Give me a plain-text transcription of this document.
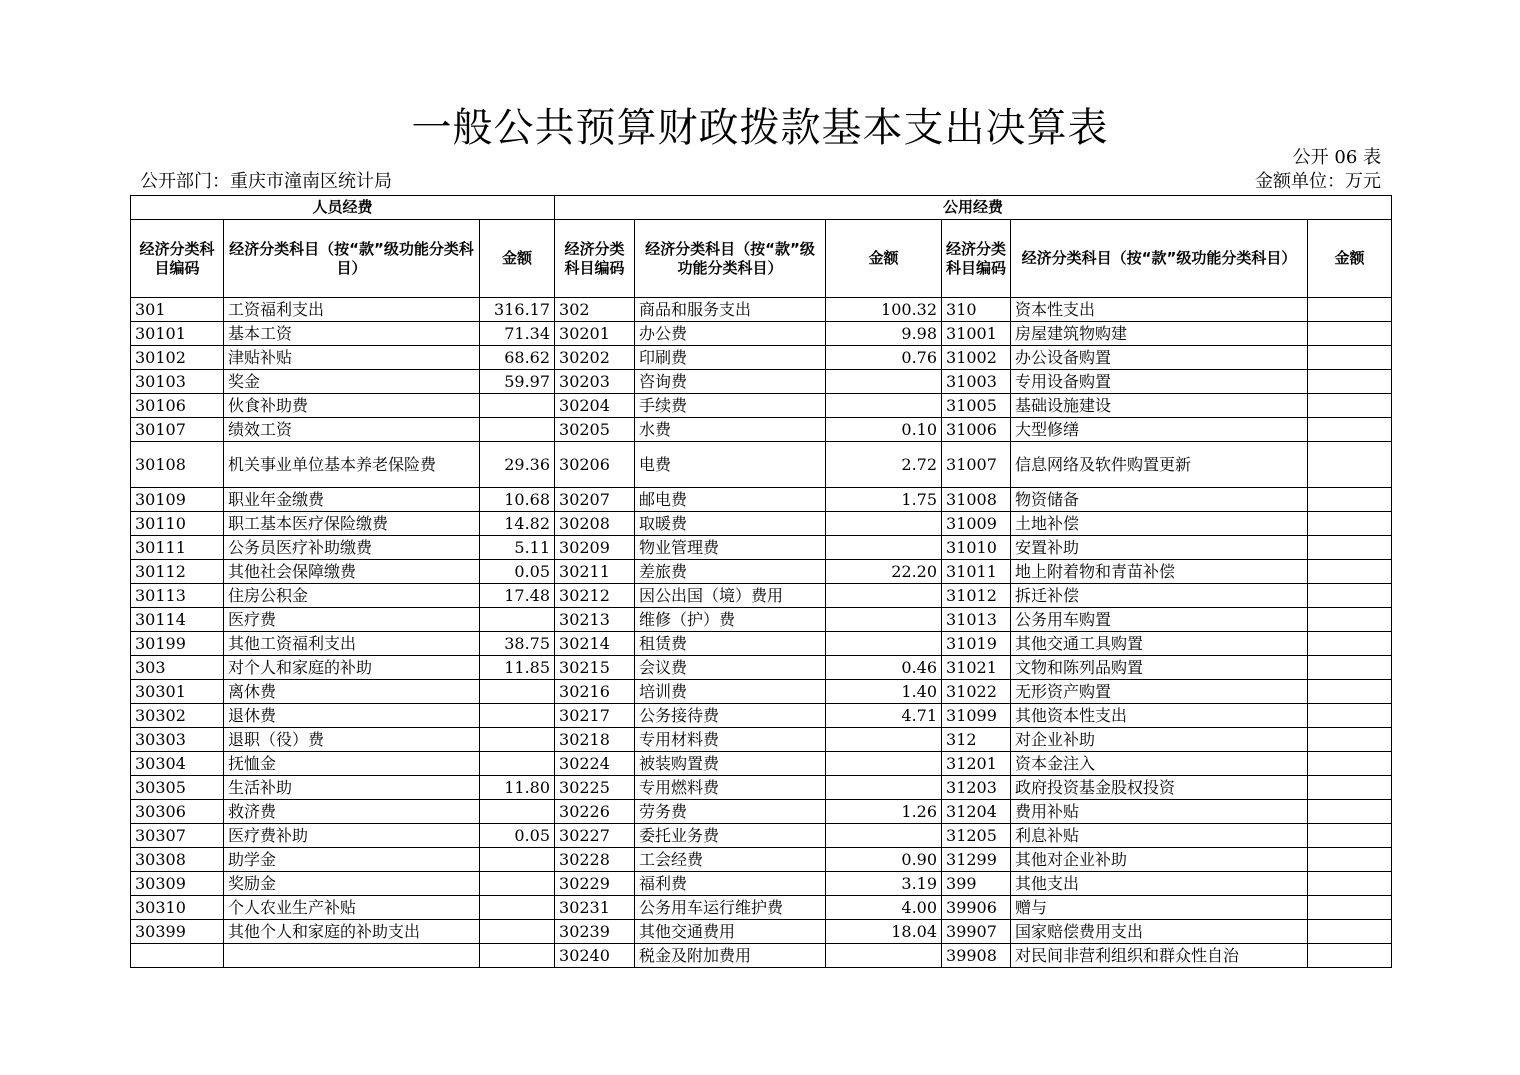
一般公共预算财政拨款基本支出决算表
公开 06 表
公开部门：重庆市潼南区统计局	金额单位：万元
人员经费			公用经费					
经济分类科目编码	经济分类科目（按“款”级功能分类科目）	金额	经济分类科目编码	经济分类科目（按“款”级功能分类科目）	金额	经济分类科目编码	经济分类科目（按“款”级功能分类科目）	金额
301	工资福利支出	316.17	302	商品和服务支出	100.32	310	资本性支出	
30101	基本工资	71.34	30201	办公费	9.98	31001	房屋建筑物购建	
30102	津贴补贴	68.62	30202	印刷费	0.76	31002	办公设备购置	
30103	奖金	59.97	30203	咨询费		31003	专用设备购置	
30106	伙食补助费		30204	手续费		31005	基础设施建设	
30107	绩效工资		30205	水费	0.10	31006	大型修缮	
30108	机关事业单位基本养老保险费	29.36	30206	电费	2.72	31007	信息网络及软件购置更新	
30109	职业年金缴费	10.68	30207	邮电费	1.75	31008	物资储备	
30110	职工基本医疗保险缴费	14.82	30208	取暖费		31009	土地补偿	
30111	公务员医疗补助缴费	5.11	30209	物业管理费		31010	安置补助	
30112	其他社会保障缴费	0.05	30211	差旅费	22.20	31011	地上附着物和青苗补偿	
30113	住房公积金	17.48	30212	因公出国（境）费用		31012	拆迁补偿	
30114	医疗费		30213	维修（护）费		31013	公务用车购置	
30199	其他工资福利支出	38.75	30214	租赁费		31019	其他交通工具购置	
303	对个人和家庭的补助	11.85	30215	会议费	0.46	31021	文物和陈列品购置	
30301	离休费		30216	培训费	1.40	31022	无形资产购置	
30302	退休费		30217	公务接待费	4.71	31099	其他资本性支出	
30303	退职（役）费		30218	专用材料费		312	对企业补助	
30304	抚恤金		30224	被装购置费		31201	资本金注入	
30305	生活补助	11.80	30225	专用燃料费		31203	政府投资基金股权投资	
30306	救济费		30226	劳务费	1.26	31204	费用补贴	
30307	医疗费补助	0.05	30227	委托业务费		31205	利息补贴	
30308	助学金		30228	工会经费	0.90	31299	其他对企业补助	
30309	奖励金		30229	福利费	3.19	399	其他支出	
30310	个人农业生产补贴		30231	公务用车运行维护费	4.00	39906	赠与	
30399	其他个人和家庭的补助支出		30239	其他交通费用	18.04	39907	国家赔偿费用支出	
			30240	税金及附加费用		39908	对民间非营利组织和群众性自治	
